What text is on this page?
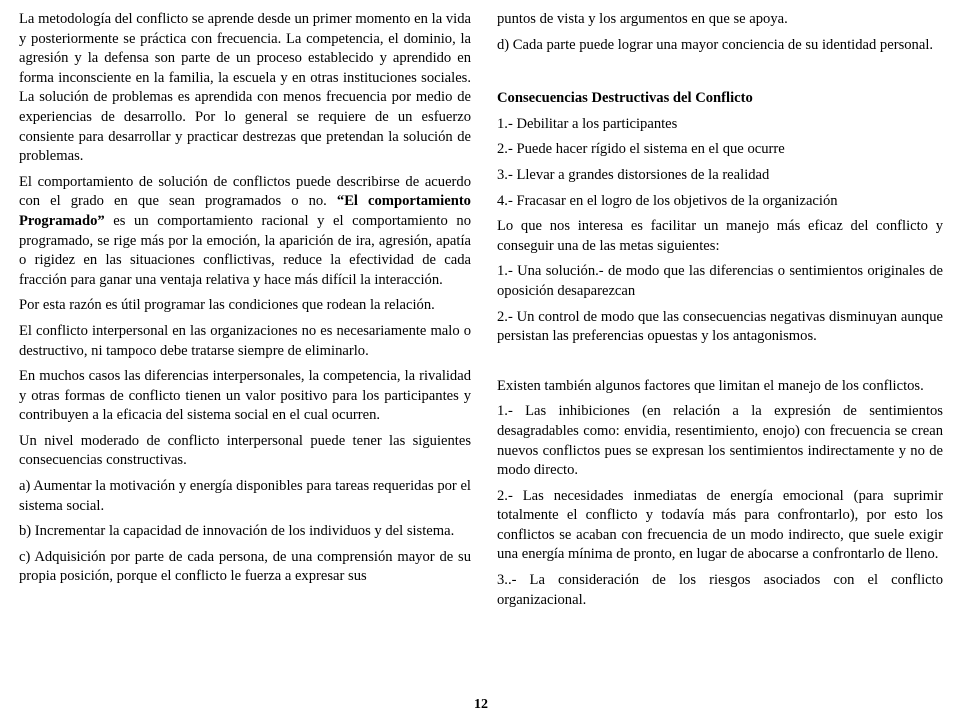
La metodología del conflicto se aprende desde un primer momento en la vida y posteriormente se práctica con frecuencia. La competencia, el dominio, la agresión y la defensa son parte de un proceso establecido y aprendido en forma inconsciente en la familia, la escuela y en otras instituciones sociales. La solución de problemas es aprendida con menos frecuencia por medio de experiencias de desarrollo. Por lo general se requiere de un esfuerzo consiente para desarrollar y practicar destrezas que pretendan la solución de problemas.

El comportamiento de solución de conflictos puede describirse de acuerdo con el grado en que sean programados o no. “El comportamiento Programado” es un comportamiento racional y el comportamiento no programado, se rige más por la emoción, la aparición de ira, agresión, apatía o rigidez en las situaciones conflictivas, reduce la efectividad de cada fracción para ganar una ventaja relativa y hace más difícil la interacción.

Por esta razón es útil programar las condiciones que rodean la relación.

El conflicto interpersonal en las organizaciones no es necesariamente malo o destructivo, ni tampoco debe tratarse siempre de eliminarlo.

En muchos casos las diferencias interpersonales, la competencia, la rivalidad y otras formas de conflicto tienen un valor positivo para los participantes y contribuyen a la eficacia del sistema social en el cual ocurren.

Un nivel moderado de conflicto interpersonal puede tener las siguientes consecuencias constructivas.

a) Aumentar la motivación y energía disponibles para tareas requeridas por el sistema social.

b) Incrementar la capacidad de innovación de los individuos y del sistema.

c) Adquisición por parte de cada persona, de una comprensión mayor de su propia posición, porque el conflicto le fuerza a expresar sus

puntos de vista y los argumentos en que se apoya.

d) Cada parte puede lograr una mayor conciencia de su identidad personal.

Consecuencias Destructivas del Conflicto

1.- Debilitar a los participantes

2.- Puede hacer rígido el sistema en el que ocurre

3.- Llevar a grandes distorsiones de la realidad

4.- Fracasar en el logro de los objetivos de la organización

Lo que nos interesa es facilitar un manejo más eficaz del conflicto y conseguir una de las metas siguientes:

1.- Una solución.- de modo que las diferencias o sentimientos originales de oposición desaparezcan

2.- Un control de modo que las consecuencias negativas disminuyan aunque persistan las preferencias opuestas y los antagonismos.

Existen también algunos factores que limitan el manejo de los conflictos.

1.- Las inhibiciones (en relación a la expresión de sentimientos desagradables como: envidia, resentimiento, enojo) con frecuencia se crean nuevos conflictos pues se expresan los sentimientos indirectamente y no de modo directo.

2.- Las necesidades inmediatas de energía emocional (para suprimir totalmente el conflicto y todavía más para confrontarlo), por esto los conflictos se acaban con frecuencia de un modo indirecto, que suele exigir una energía mínima de pronto, en lugar de abocarse a confrontarlo de lleno.

3..- La consideración de los riesgos asociados con el conflicto organizacional.

12
